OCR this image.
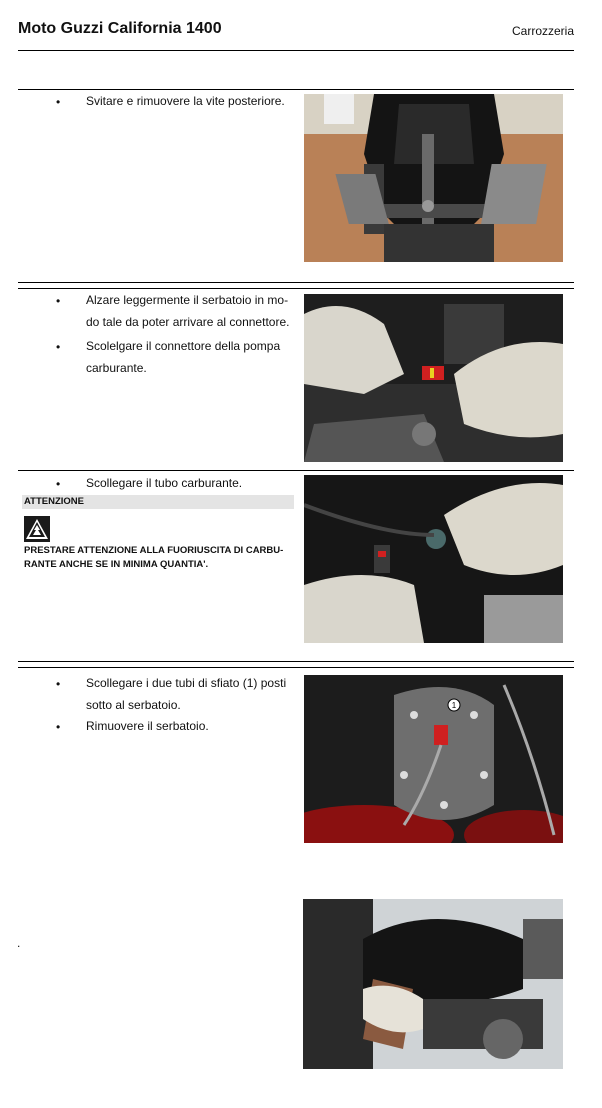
Moto Guzzi California 1400	Carrozzeria
• Svitare e rimuovere la vite posteriore.
• Alzare leggermente il serbatoio in mo-do tale da poter arrivare al connettore.
• Scolelgare il connettore della pompa carburante.
• Scollegare il tubo carburante.
ATTENZIONE
PRESTARE ATTENZIONE ALLA FUORIUSCITA DI CARBU-RANTE ANCHE SE IN MINIMA QUANTIA'.
• Scollegare i due tubi di sfiato (1) posti sotto al serbatoio.
• Rimuovere il serbatoio.
1
.
